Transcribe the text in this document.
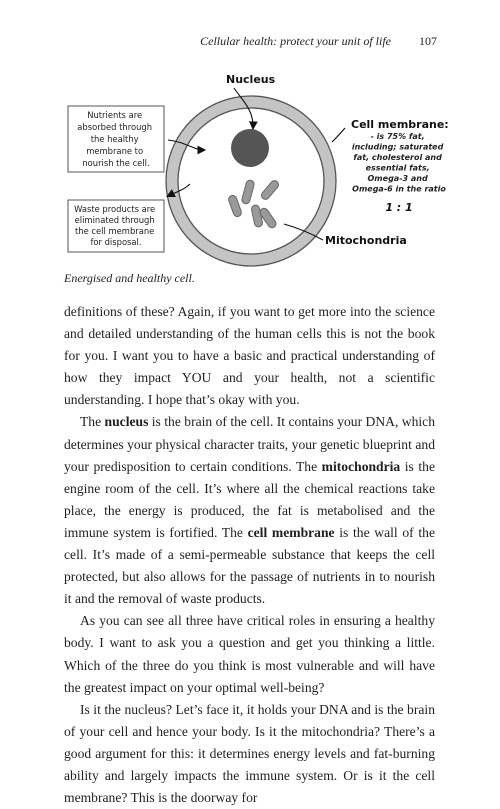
Cellular health: protect your unit of life 107
Nucleus
Nutrients are absorbed through the healthy membrane to nourish the cell.
Waste products are eliminated through the cell membrane for disposal.
Cell membrane:
- is 75% fat, including; saturated fat, cholesterol and essential fats, Omega-3 and Omega-6 in the ratio
1 : 1
Mitochondria
Energised and healthy cell.

definitions of these? Again, if you want to get more into the science and detailed understanding of the human cells this is not the book for you. I want you to have a basic and practical understanding of how they impact YOU and your health, not a scientific understanding. I hope that’s okay with you.

The nucleus is the brain of the cell. It contains your DNA, which determines your physical character traits, your genetic blueprint and your predisposition to certain conditions. The mitochondria is the engine room of the cell. It’s where all the chemical reactions take place, the energy is produced, the fat is metabolised and the immune system is fortified. The cell membrane is the wall of the cell. It’s made of a semi-permeable substance that keeps the cell protected, but also allows for the passage of nutrients in to nourish it and the removal of waste products.

As you can see all three have critical roles in ensuring a healthy body. I want to ask you a question and get you thinking a little. Which of the three do you think is most vulnerable and will have the greatest impact on your optimal well-being?

Is it the nucleus? Let’s face it, it holds your DNA and is the brain of your cell and hence your body. Is it the mitochondria? There’s a good argument for this: it determines energy levels and fat-burning ability and largely impacts the immune system. Or is it the cell membrane? This is the doorway for
